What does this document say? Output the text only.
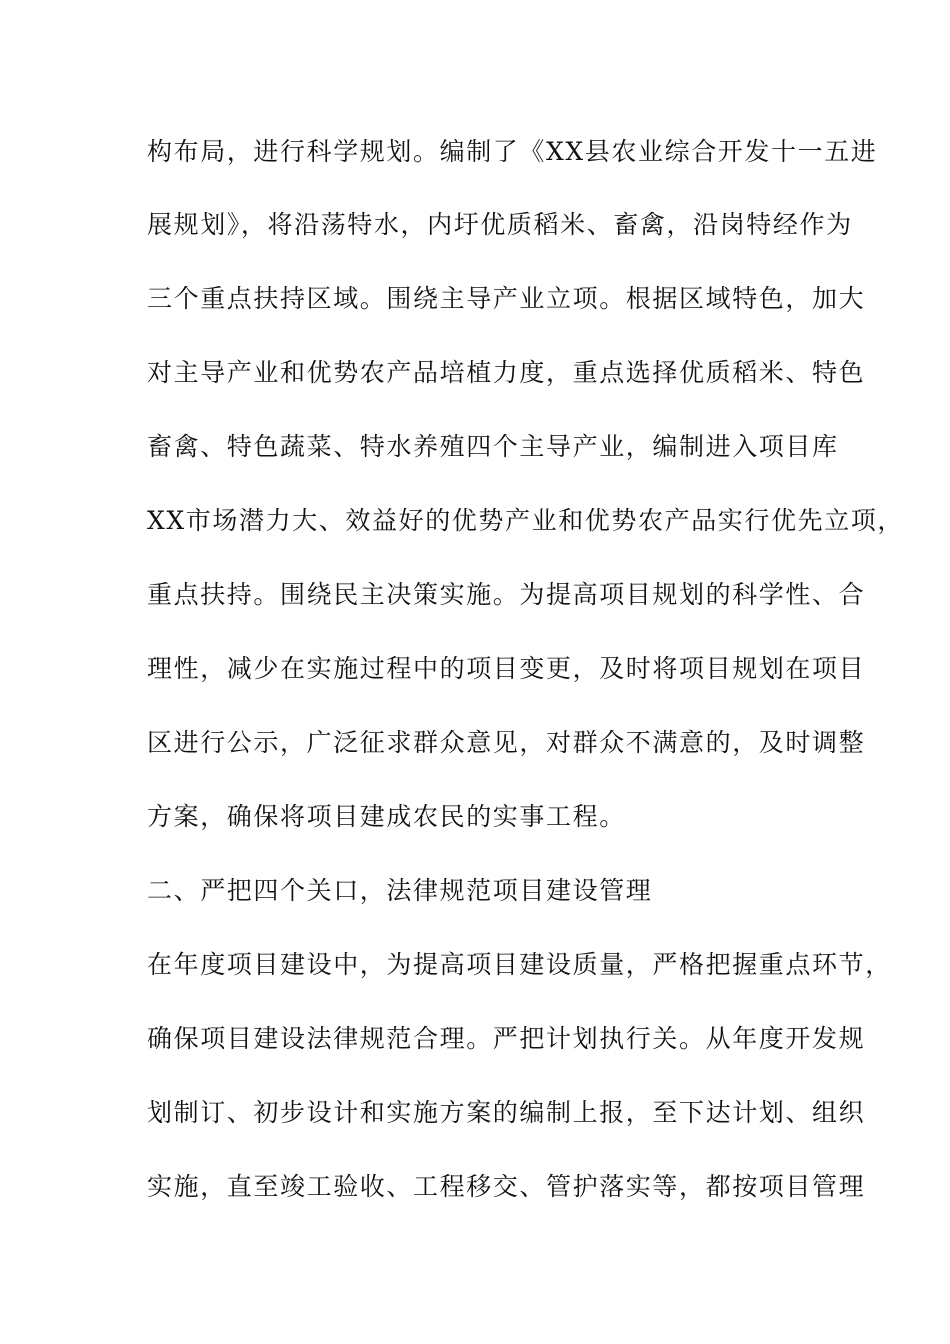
构布局，进行科学规划。编制了《XX县农业综合开发十一五进
展规划》，将沿荡特水，内圩优质稻米、畜禽，沿岗特经作为
三个重点扶持区域。围绕主导产业立项。根据区域特色，加大
对主导产业和优势农产品培植力度，重点选择优质稻米、特色
畜禽、特色蔬菜、特水养殖四个主导产业，编制进入项目库
XX市场潜力大、效益好的优势产业和优势农产品实行优先立项，
重点扶持。围绕民主决策实施。为提高项目规划的科学性、合
理性，减少在实施过程中的项目变更，及时将项目规划在项目
区进行公示，广泛征求群众意见，对群众不满意的，及时调整
方案，确保将项目建成农民的实事工程。
二、严把四个关口，法律规范项目建设管理
在年度项目建设中，为提高项目建设质量，严格把握重点环节，
确保项目建设法律规范合理。严把计划执行关。从年度开发规
划制订、初步设计和实施方案的编制上报，至下达计划、组织
实施，直至竣工验收、工程移交、管护落实等，都按项目管理
